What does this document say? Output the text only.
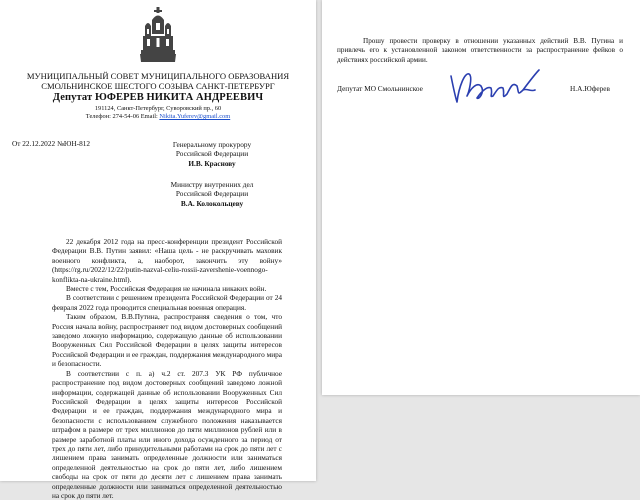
МУНИЦИПАЛЬНЫЙ СОВЕТ МУНИЦИПАЛЬНОГО ОБРАЗОВАНИЯ
СМОЛЬНИНСКОЕ ШЕСТОГО СОЗЫВА САНКТ-ПЕТЕРБУРГ
Депутат ЮФЕРЕВ НИКИТА АНДРЕЕВИЧ
191124, Санкт-Петербург, Суворовский пр., 60
Телефон: 274-54-06 Email: Nikita.Yuferev@gmail.com
От 22.12.2022 №ЮН-812	Генеральному прокурору
Российской Федерации
И.В. Краснову
Министру внутренних дел
Российской Федерации
В.А. Колокольцеву

22 декабря 2012 года на пресс-конференции президент Российской Федерации В.В. Путин заявил: «Наша цель - не раскручивать маховик военного конфликта, а, наоборот, закончить эту войну» (https://rg.ru/2022/12/22/putin-nazval-celiu-rossii-zavershenie-voennogo-konflikta-na-ukraine.html).

Вместе с тем, Российская Федерация не начинала никаких войн.

В соответствии с решением президента Российской Федерации от 24 февраля 2022 года проводится специальная военная операция.

Таким образом, В.В.Путина, распространяя сведения о том, что Россия начала войну, распространяет под видом достоверных сообщений заведомо ложную информацию, содержащую данные об использовании Вооруженных Сил Российской Федерации в целях защиты интересов Российской Федерации и ее граждан, поддержания международного мира и безопасности.

В соответствии с п. а) ч.2 ст. 207.3 УК РФ публичное распространение под видом достоверных сообщений заведомо ложной информации, содержащей данные об использовании Вооруженных Сил Российской Федерации в целях защиты интересов Российской Федерации и ее граждан, поддержания международного мира и безопасности с использованием служебного положения наказывается штрафом в размере от трех миллионов до пяти миллионов рублей или в размере заработной платы или иного дохода осужденного за период от трех до пяти лет, либо принудительными работами на срок до пяти лет с лишением права занимать определенные должности или заниматься определенной деятельностью на срок до пяти лет, либо лишением свободы на срок от пяти до десяти лет с лишением права занимать определенные должности или заниматься определенной деятельностью на срок до пяти лет.

Прошу провести проверку в отношении указанных действий В.В. Путина и привлечь его к установленной законом ответственности за распространение фейков о действиях российской армии.
Депутат МО Смольнинское	Н.А.Юферев
